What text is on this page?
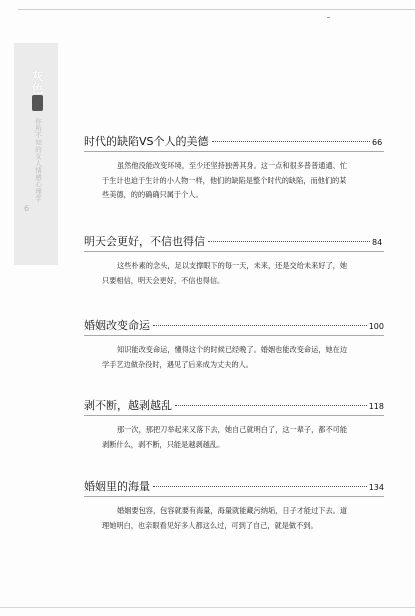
灰色
你所不知的女人情感心理学
6
时代的缺陷VS个人的美德	66
虽然他没能改变环境，至少还坚持独善其身。这一点和很多普普通通、忙于生计也迫于生计的小人物一样，他们的缺陷是整个时代的缺陷，而他们的某些美德，的的确确只属于个人。
明天会更好，不信也得信	84
这些朴素的念头，足以支撑眼下的每一天，未来，还是交给未来好了，她只要相信，明天会更好，不信也得信。
婚姻改变命运	100
知识能改变命运，懂得这个的时候已经晚了。婚姻也能改变命运，她在边学手艺边做杂役时，遇见了后来成为丈夫的人。
剥不断，越剥越乱	118
那一次，那把刀举起来又落下去，她自己就明白了，这一辈子，都不可能剥断什么，剥不断，只能是越剥越乱。
婚姻里的海量	134
婚姻要包容，包容就要有海量，海量就能藏污纳垢，日子才能过下去。道理她明白，也亲眼看见好多人都这么过，可到了自己，就是做不到。
